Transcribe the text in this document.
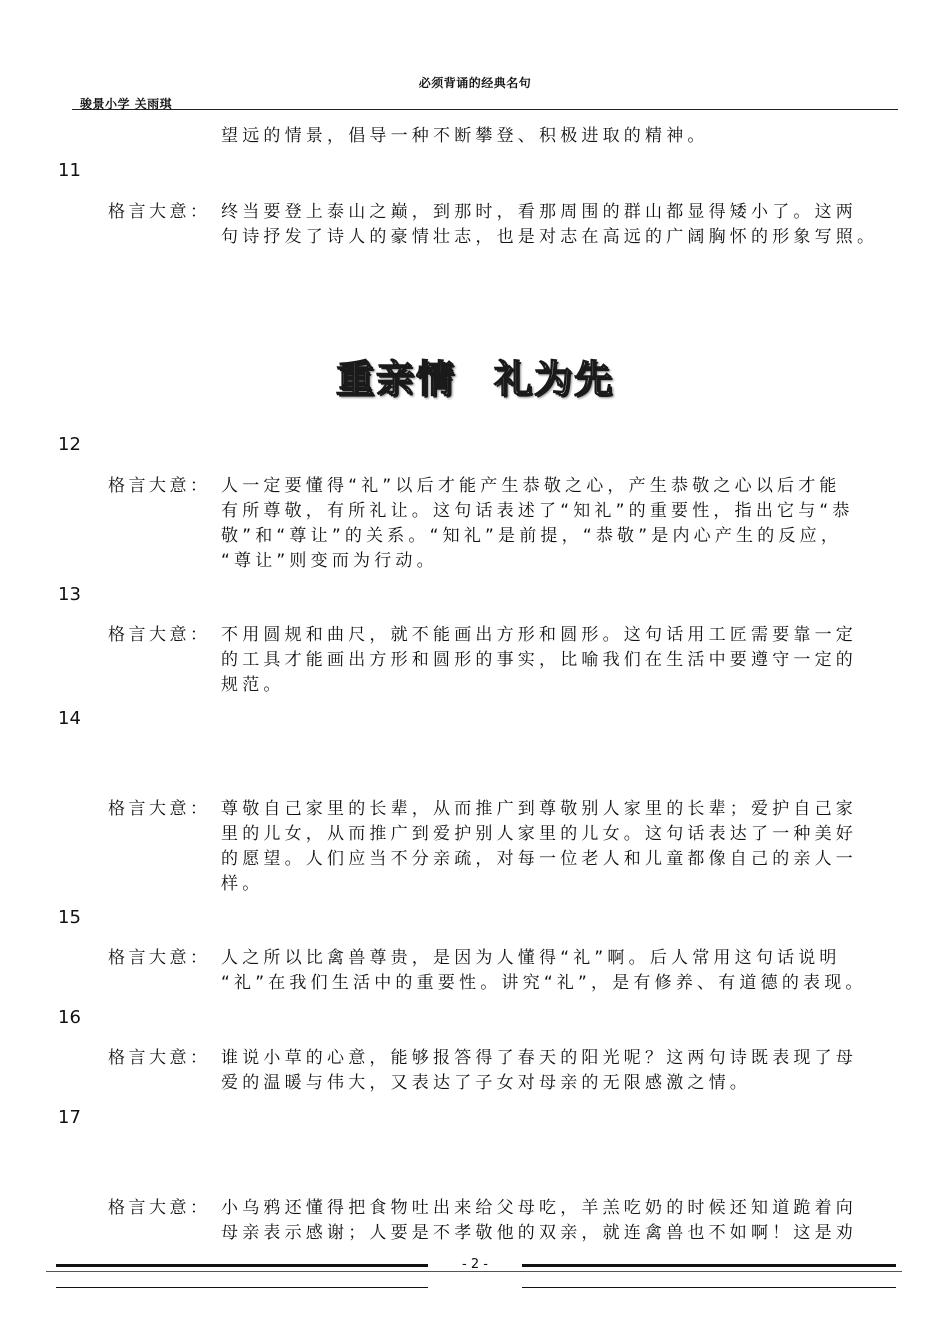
必须背诵的经典名句
骏景小学 关雨琪
望远的情景，倡导一种不断攀登、积极进取的精神。
11
格言大意： 终当要登上泰山之巅，到那时，看那周围的群山都显得矮小了。这两
句诗抒发了诗人的豪情壮志，也是对志在高远的广阔胸怀的形象写照。
重亲情 礼为先
12
格言大意： 人一定要懂得“礼”以后才能产生恭敬之心，产生恭敬之心以后才能
有所尊敬，有所礼让。这句话表述了“知礼”的重要性，指出它与“恭
敬”和“尊让”的关系。“知礼”是前提，“恭敬”是内心产生的反应，
“尊让”则变而为行动。
13
格言大意： 不用圆规和曲尺，就不能画出方形和圆形。这句话用工匠需要靠一定
的工具才能画出方形和圆形的事实，比喻我们在生活中要遵守一定的
规范。
14
格言大意： 尊敬自己家里的长辈，从而推广到尊敬别人家里的长辈；爱护自己家
里的儿女，从而推广到爱护别人家里的儿女。这句话表达了一种美好
的愿望。人们应当不分亲疏，对每一位老人和儿童都像自己的亲人一
样。
15
格言大意： 人之所以比禽兽尊贵，是因为人懂得“礼”啊。后人常用这句话说明
“礼”在我们生活中的重要性。讲究“礼”，是有修养、有道德的表现。
16
格言大意： 谁说小草的心意，能够报答得了春天的阳光呢？这两句诗既表现了母
爱的温暖与伟大，又表达了子女对母亲的无限感激之情。
17
格言大意： 小乌鸦还懂得把食物吐出来给父母吃，羊羔吃奶的时候还知道跪着向
母亲表示感谢；人要是不孝敬他的双亲，就连禽兽也不如啊！这是劝
- 2 -
